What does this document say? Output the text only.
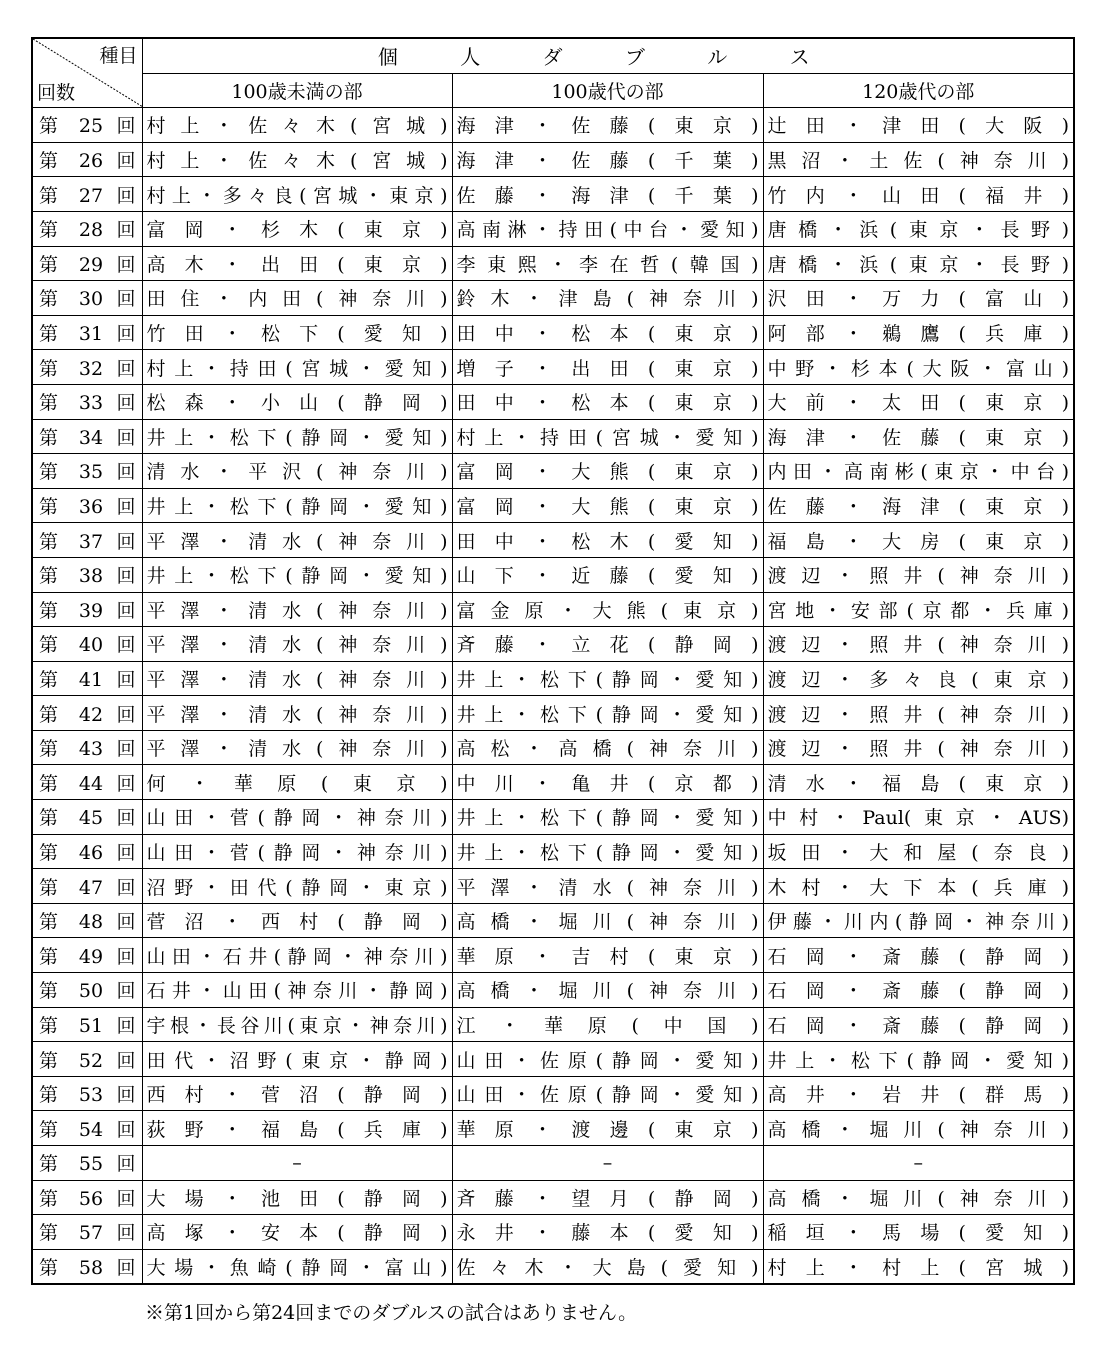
種目
回数	個 人 ダ ブ ル ス		
	100歳未満の部	100歳代の部	120歳代の部
第 25 回	村上・佐々木(宮城)	海津・佐藤(東京)	辻田・津田(大阪)
第 26 回	村上・佐々木(宮城)	海津・佐藤(千葉)	黒沼・土佐(神奈川)
第 27 回	村上・多々良(宮城・東京)	佐藤・海津(千葉)	竹内・山田(福井)
第 28 回	富岡・杉木(東京)	高南淋・持田(中台・愛知)	唐橋・浜(東京・長野)
第 29 回	高木・出田(東京)	李東熙・李在哲(韓国)	唐橋・浜(東京・長野)
第 30 回	田住・内田(神奈川)	鈴木・津島(神奈川)	沢田・万力(富山)
第 31 回	竹田・松下(愛知)	田中・松本(東京)	阿部・鵜鷹(兵庫)
第 32 回	村上・持田(宮城・愛知)	増子・出田(東京)	中野・杉本(大阪・富山)
第 33 回	松森・小山(静岡)	田中・松本(東京)	大前・太田(東京)
第 34 回	井上・松下(静岡・愛知)	村上・持田(宮城・愛知)	海津・佐藤(東京)
第 35 回	清水・平沢(神奈川)	富岡・大熊(東京)	内田・高南彬(東京・中台)
第 36 回	井上・松下(静岡・愛知)	富岡・大熊(東京)	佐藤・海津(東京)
第 37 回	平澤・清水(神奈川)	田中・松木(愛知)	福島・大房(東京)
第 38 回	井上・松下(静岡・愛知)	山下・近藤(愛知)	渡辺・照井(神奈川)
第 39 回	平澤・清水(神奈川)	富金原・大熊(東京)	宮地・安部(京都・兵庫)
第 40 回	平澤・清水(神奈川)	斉藤・立花(静岡)	渡辺・照井(神奈川)
第 41 回	平澤・清水(神奈川)	井上・松下(静岡・愛知)	渡辺・多々良(東京)
第 42 回	平澤・清水(神奈川)	井上・松下(静岡・愛知)	渡辺・照井(神奈川)
第 43 回	平澤・清水(神奈川)	高松・高橋(神奈川)	渡辺・照井(神奈川)
第 44 回	何・華原(東京)	中川・亀井(京都)	清水・福島(東京)
第 45 回	山田・菅(静岡・神奈川)	井上・松下(静岡・愛知)	中村・Paul(東京・AUS)
第 46 回	山田・菅(静岡・神奈川)	井上・松下(静岡・愛知)	坂田・大和屋(奈良)
第 47 回	沼野・田代(静岡・東京)	平澤・清水(神奈川)	木村・大下本(兵庫)
第 48 回	菅沼・西村(静岡)	高橋・堀川(神奈川)	伊藤・川内(静岡・神奈川)
第 49 回	山田・石井(静岡・神奈川)	華原・吉村(東京)	石岡・斎藤(静岡)
第 50 回	石井・山田(神奈川・静岡)	高橋・堀川(神奈川)	石岡・斎藤(静岡)
第 51 回	宇根・長谷川(東京・神奈川)	江・華原(中国)	石岡・斎藤(静岡)
第 52 回	田代・沼野(東京・静岡)	山田・佐原(静岡・愛知)	井上・松下(静岡・愛知)
第 53 回	西村・菅沼(静岡)	山田・佐原(静岡・愛知)	高井・岩井(群馬)
第 54 回	荻野・福島(兵庫)	華原・渡邊(東京)	高橋・堀川(神奈川)
第 55 回	–	–	–
第 56 回	大場・池田(静岡)	斉藤・望月(静岡)	高橋・堀川(神奈川)
第 57 回	高塚・安本(静岡)	永井・藤本(愛知)	稲垣・馬場(愛知)
第 58 回	大場・魚崎(静岡・富山)	佐々木・大島(愛知)	村上・村上(宮城)
※第1回から第24回までのダブルスの試合はありません。
